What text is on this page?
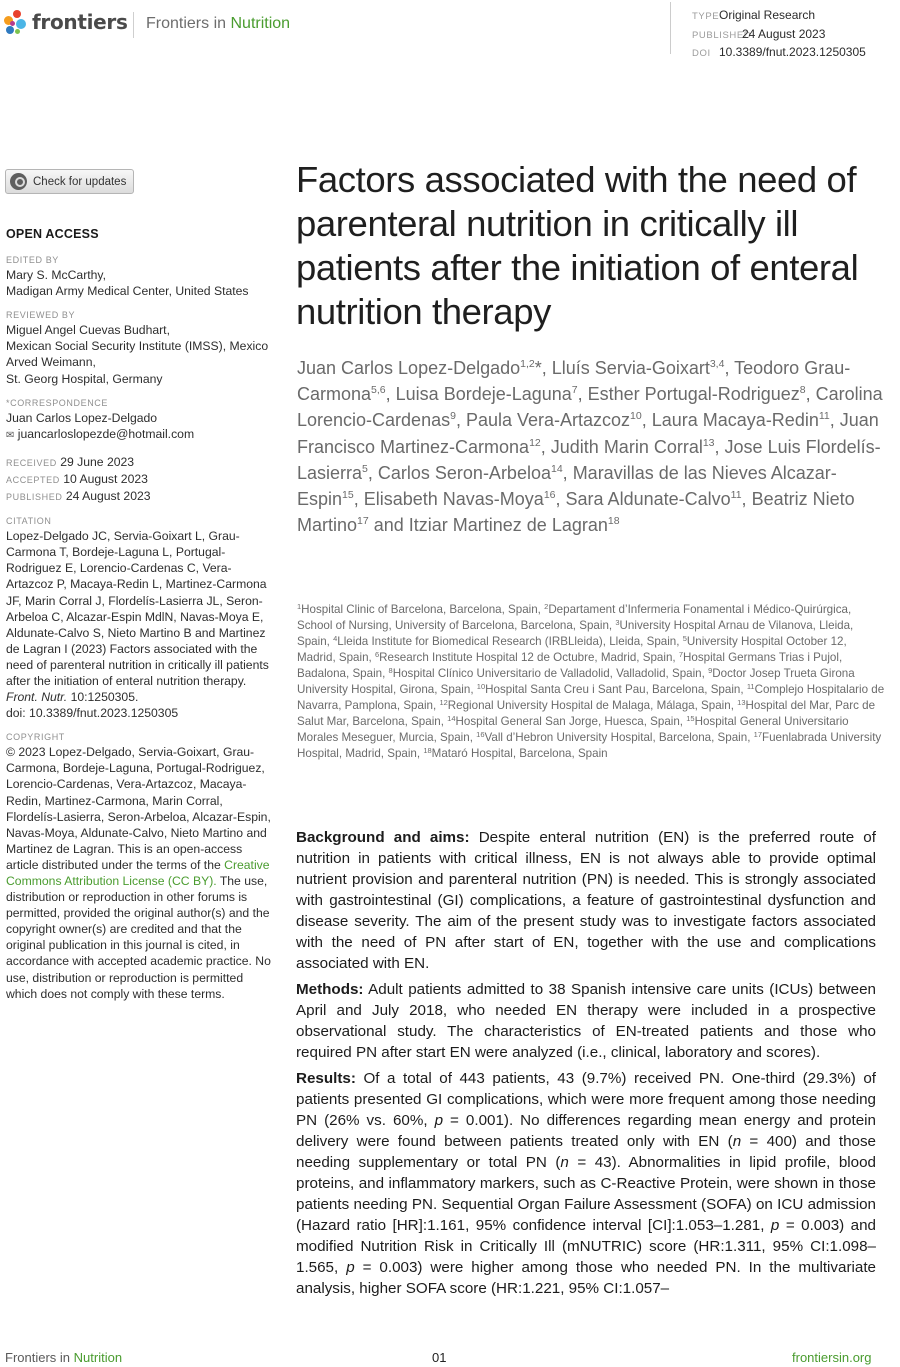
frontiers Frontiers in Nutrition	TYPEOriginal Research
PUBLISHED24 August 2023
DOI 10.3389/fnut.2023.1250305
Check for updates
OPEN ACCESS
EDITED BY
Mary S. McCarthy,
Madigan Army Medical Center, United States
REVIEWED BY
Miguel Angel Cuevas Budhart,
Mexican Social Security Institute (IMSS), Mexico
Arved Weimann,
St. Georg Hospital, Germany
*CORRESPONDENCE
Juan Carlos Lopez-Delgado
✉ juancarloslopezde@hotmail.com
RECEIVED 29 June 2023
ACCEPTED 10 August 2023
PUBLISHED 24 August 2023
CITATION
Lopez-Delgado JC, Servia-Goixart L, Grau-Carmona T, Bordeje-Laguna L, Portugal-Rodriguez E, Lorencio-Cardenas C, Vera-Artazcoz P, Macaya-Redin L, Martinez-Carmona JF, Marin Corral J, Flordelís-Lasierra JL, Seron-Arbeloa C, Alcazar-Espin MdlN, Navas-Moya E, Aldunate-Calvo S, Nieto Martino B and Martinez de Lagran I (2023) Factors associated with the need of parenteral nutrition in critically ill patients after the initiation of enteral nutrition therapy.
Front. Nutr. 10:1250305.
doi: 10.3389/fnut.2023.1250305
COPYRIGHT
© 2023 Lopez-Delgado, Servia-Goixart, Grau-Carmona, Bordeje-Laguna, Portugal-Rodriguez, Lorencio-Cardenas, Vera-Artazcoz, Macaya-Redin, Martinez-Carmona, Marin Corral, Flordelís-Lasierra, Seron-Arbeloa, Alcazar-Espin, Navas-Moya, Aldunate-Calvo, Nieto Martino and Martinez de Lagran. This is an open-access article distributed under the terms of the Creative Commons Attribution License (CC BY). The use, distribution or reproduction in other forums is permitted, provided the original author(s) and the copyright owner(s) are credited and that the original publication in this journal is cited, in accordance with accepted academic practice. No use, distribution or reproduction is permitted which does not comply with these terms.
Factors associated with the need of parenteral nutrition in critically ill patients after the initiation of enteral nutrition therapy
Juan Carlos Lopez-Delgado$^{1,2}$*, Lluís Servia-Goixart$^{3,4}$, Teodoro Grau-Carmona$^{5,6}$, Luisa Bordeje-Laguna$^7$, Esther Portugal-Rodriguez$^8$, Carolina Lorencio-Cardenas$^9$, Paula Vera-Artazcoz$^{10}$, Laura Macaya-Redin$^{11}$, Juan Francisco Martinez-Carmona$^{12}$, Judith Marin Corral$^{13}$, Jose Luis Flordelís-Lasierra$^5$, Carlos Seron-Arbeloa$^{14}$, Maravillas de las Nieves Alcazar-Espin$^{15}$, Elisabeth Navas-Moya$^{16}$, Sara Aldunate-Calvo$^{11}$, Beatriz Nieto Martino$^{17}$ and Itziar Martinez de Lagran$^{18}$
$^1$Hospital Clinic of Barcelona, Barcelona, Spain, $^2$Departament d’Infermeria Fonamental i Médico-Quirúrgica, School of Nursing, University of Barcelona, Barcelona, Spain, $^3$University Hospital Arnau de Vilanova, Lleida, Spain, $^4$Lleida Institute for Biomedical Research (IRBLleida), Lleida, Spain, $^5$University Hospital October 12, Madrid, Spain, $^6$Research Institute Hospital 12 de Octubre, Madrid, Spain, $^7$Hospital Germans Trias i Pujol, Badalona, Spain, $^8$Hospital Clínico Universitario de Valladolid, Valladolid, Spain, $^9$Doctor Josep Trueta Girona University Hospital, Girona, Spain, $^{10}$Hospital Santa Creu i Sant Pau, Barcelona, Spain, $^{11}$Complejo Hospitalario de Navarra, Pamplona, Spain, $^{12}$Regional University Hospital de Malaga, Málaga, Spain, $^{13}$Hospital del Mar, Parc de Salut Mar, Barcelona, Spain, $^{14}$Hospital General San Jorge, Huesca, Spain, $^{15}$Hospital General Universitario Morales Meseguer, Murcia, Spain, $^{16}$Vall d’Hebron University Hospital, Barcelona, Spain, $^{17}$Fuenlabrada University Hospital, Madrid, Spain, $^{18}$Mataró Hospital, Barcelona, Spain

Background and aims: Despite enteral nutrition (EN) is the preferred route of nutrition in patients with critical illness, EN is not always able to provide optimal nutrient provision and parenteral nutrition (PN) is needed. This is strongly associated with gastrointestinal (GI) complications, a feature of gastrointestinal dysfunction and disease severity. The aim of the present study was to investigate factors associated with the need of PN after start of EN, together with the use and complications associated with EN.

Methods: Adult patients admitted to 38 Spanish intensive care units (ICUs) between April and July 2018, who needed EN therapy were included in a prospective observational study. The characteristics of EN-treated patients and those who required PN after start EN were analyzed (i.e., clinical, laboratory and scores).

Results: Of a total of 443 patients, 43 (9.7%) received PN. One-third (29.3%) of patients presented GI complications, which were more frequent among those needing PN (26% vs. 60%, p = 0.001). No differences regarding mean energy and protein delivery were found between patients treated only with EN (n = 400) and those needing supplementary or total PN (n = 43). Abnormalities in lipid profile, blood proteins, and inflammatory markers, such as C-Reactive Protein, were shown in those patients needing PN. Sequential Organ Failure Assessment (SOFA) on ICU admission (Hazard ratio [HR]:1.161, 95% confidence interval [CI]:1.053–1.281, p = 0.003) and modified Nutrition Risk in Critically Ill (mNUTRIC) score (HR:1.311, 95% CI:1.098–1.565, p = 0.003) were higher among those who needed PN. In the multivariate analysis, higher SOFA score (HR:1.221, 95% CI:1.057–

Frontiers in Nutrition	01	frontiersin.org
